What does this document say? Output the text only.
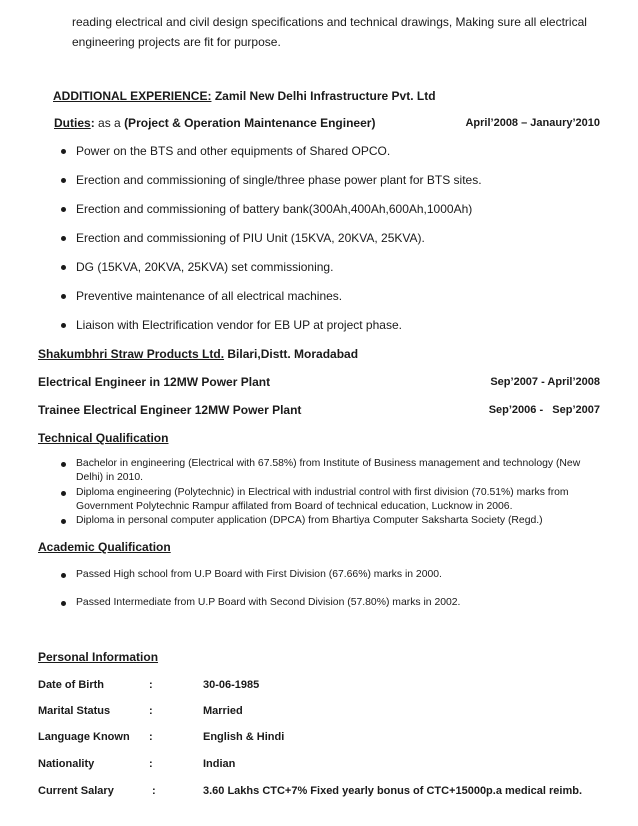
reading electrical and civil design specifications and technical drawings, Making sure all electrical
engineering projects are fit for purpose.
ADDITIONAL EXPERIENCE: Zamil New Delhi Infrastructure Pvt. Ltd
Duties: as a (Project & Operation Maintenance Engineer)	April’2008 – Janaury’2010
Power on the BTS and other equipments of Shared OPCO.
Erection and commissioning of single/three phase power plant for BTS sites.
Erection and commissioning of battery bank(300Ah,400Ah,600Ah,1000Ah)
Erection and commissioning of PIU Unit (15KVA, 20KVA, 25KVA).
DG (15KVA, 20KVA, 25KVA) set commissioning.
Preventive maintenance of all electrical machines.
Liaison with Electrification vendor for EB UP at project phase.
Shakumbhri Straw Products Ltd. Bilari,Distt. Moradabad
Electrical Engineer in 12MW Power Plant	Sep’2007 - April’2008
Trainee Electrical Engineer 12MW Power Plant	Sep’2006 -   Sep’2007
Technical Qualification
Bachelor in engineering (Electrical with 67.58%) from Institute of Business management and technology (New
Delhi) in 2010.
Diploma engineering (Polytechnic) in Electrical with industrial control with first division (70.51%) marks from
Government Polytechnic Rampur affilated from Board of technical education, Lucknow in 2006.
Diploma in personal computer application (DPCA) from Bhartiya Computer Saksharta Society (Regd.)
Academic Qualification
Passed High school from U.P Board with First Division (67.66%) marks in 2000.
Passed Intermediate from U.P Board with Second Division (57.80%) marks in 2002.
Personal Information
Date of Birth	:	30-06-1985
Marital Status	:	Married
Language Known :	English & Hindi
Nationality	:	Indian
Current Salary	:	3.60 Lakhs CTC+7% Fixed yearly bonus of CTC+15000p.a medical reimb.
